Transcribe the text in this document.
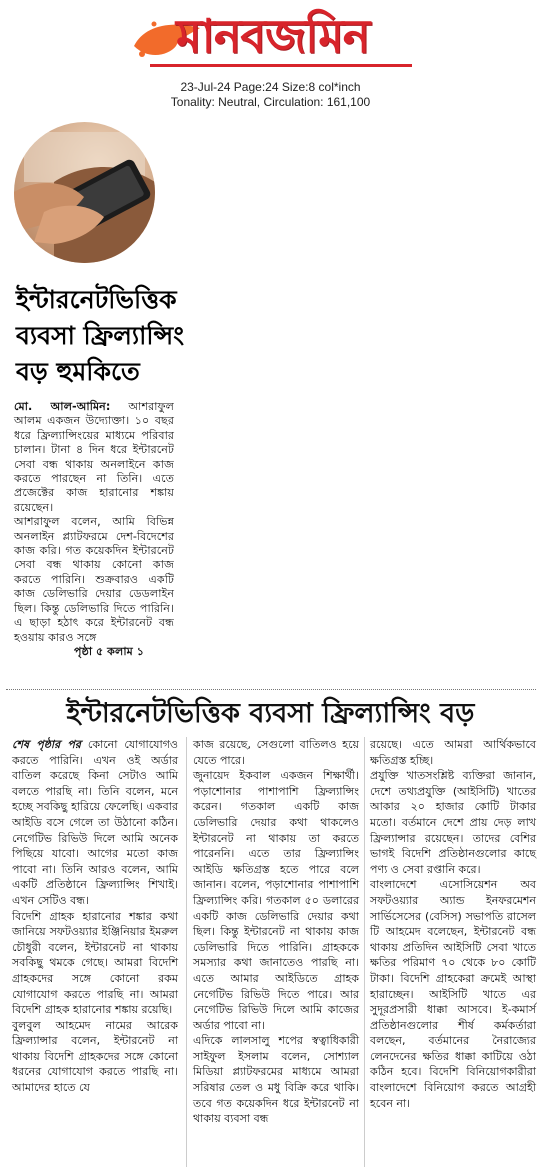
মানবজমিন
23-Jul-24 Page:24 Size:8 col*inch
Tonality: Neutral, Circulation: 161,100
ইন্টারনেটভিত্তিক
ব্যবসা ফ্রিল্যান্সিং
বড় হুমকিতে

মো. আল-আমিন: আশরাফুল আলম একজন উদ্যোক্তা। ১০ বছর ধরে ফ্রিল্যান্সিংয়ের মাধ্যমে পরিবার চালান। টানা ৪ দিন ধরে ইন্টারনেট সেবা বন্ধ থাকায় অনলাইনে কাজ করতে পারছেন না তিনি। এতে প্রজেক্টের কাজ হারানোর শঙ্কায় রয়েছেন।

আশরাফুল বলেন, আমি বিভিন্ন অনলাইন প্ল্যাটফরমে দেশ-বিদেশের কাজ করি। গত কয়েকদিন ইন্টারনেট সেবা বন্ধ থাকায় কোনো কাজ করতে পারিনি। শুক্রবারও একটি কাজ ডেলিভারি দেয়ার ডেডলাইন ছিল। কিন্তু ডেলিভারি দিতে পারিনি। এ ছাড়া হঠাৎ করে ইন্টারনেট বন্ধ হওয়ায় কারও সঙ্গে

পৃষ্ঠা ৫ কলাম ১

ইন্টারনেটভিত্তিক ব্যবসা ফ্রিল্যান্সিং বড়

শেষ পৃষ্ঠার পর কোনো যোগাযোগও করতে পারিনি। এখন ওই অর্ডার বাতিল করেছে কিনা সেটাও আমি বলতে পারছি না। তিনি বলেন, মনে হচ্ছে সবকিছু হারিয়ে ফেলেছি। একবার আইডি বসে গেলে তা উঠানো কঠিন। নেগেটিভ রিভিউ দিলে আমি অনেক পিছিয়ে যাবো। আগের মতো কাজ পাবো না। তিনি আরও বলেন, আমি একটি প্রতিষ্ঠানে ফ্রিল্যান্সিং শিখাই। এখন সেটিও বন্ধ।

বিদেশি গ্রাহক হারানোর শঙ্কার কথা জানিয়ে সফটওয়্যার ইঞ্জিনিয়ার ইমরুল চৌধুরী বলেন, ইন্টারনেট না থাকায় সবকিছু থমকে গেছে। আমরা বিদেশি গ্রাহকদের সঙ্গে কোনো রকম যোগাযোগ করতে পারছি না। আমরা বিদেশি গ্রাহক হারানোর শঙ্কায় রয়েছি।

বুলবুল আহমেদ নামের আরেক ফ্রিল্যান্সার বলেন, ইন্টারনেট না থাকায় বিদেশি গ্রাহকদের সঙ্গে কোনো ধরনের যোগাযোগ করতে পারছি না। আমাদের হাতে যে

কাজ রয়েছে, সেগুলো বাতিলও হয়ে যেতে পারে।

জুনায়েদ ইকবাল একজন শিক্ষার্থী। পড়াশোনার পাশাপাশি ফ্রিল্যান্সিং করেন। গতকাল একটি কাজ ডেলিভারি দেয়ার কথা থাকলেও ইন্টারনেট না থাকায় তা করতে পারেননি। এতে তার ফ্রিল্যান্সিং আইডি ক্ষতিগ্রস্ত হতে পারে বলে জানান। বলেন, পড়াশোনার পাশাপাশি ফ্রিল্যান্সিং করি। গতকাল ৫০ ডলারের একটি কাজ ডেলিভারি দেয়ার কথা ছিল। কিন্তু ইন্টারনেট না থাকায় কাজ ডেলিভারি দিতে পারিনি। গ্রাহককে সমস্যার কথা জানাতেও পারছি না। এতে আমার আইডিতে গ্রাহক নেগেটিভ রিভিউ দিতে পারে। আর নেগেটিভ রিভিউ দিলে আমি কাজের অর্ডার পাবো না।

এদিকে লালসালু শপের স্বত্বাধিকারী সাইফুল ইসলাম বলেন, সোশ্যাল মিডিয়া প্ল্যাটফরমের মাধ্যমে আমরা সরিষার তেল ও মধু বিক্রি করে থাকি। তবে গত কয়েকদিন ধরে ইন্টারনেট না থাকায় ব্যবসা বন্ধ

রয়েছে। এতে আমরা আর্থিকভাবে ক্ষতিগ্রস্ত হচ্ছি।

প্রযুক্তি খাতসংশ্লিষ্ট ব্যক্তিরা জানান, দেশে তথ্যপ্রযুক্তি (আইসিটি) খাতের আকার ২০ হাজার কোটি টাকার মতো। বর্তমানে দেশে প্রায় দেড় লাখ ফ্রিল্যান্সার রয়েছেন। তাদের বেশির ভাগই বিদেশি প্রতিষ্ঠানগুলোর কাছে পণ্য ও সেবা রপ্তানি করে।

বাংলাদেশে এসোসিয়েশন অব সফটওয়্যার অ্যান্ড ইনফরমেশন সার্ভিসেসের (বেসিস) সভাপতি রাসেল টি আহমেদ বলেছেন, ইন্টারনেট বন্ধ থাকায় প্রতিদিন আইসিটি সেবা খাতে ক্ষতির পরিমাণ ৭০ থেকে ৮০ কোটি টাকা। বিদেশি গ্রাহকেরা ক্রমেই আস্থা হারাচ্ছেন। আইসিটি খাতে এর সুদূরপ্রসারী ধাক্কা আসবে। ই-কমার্স প্রতিষ্ঠানগুলোর শীর্ষ কর্মকর্তারা বলছেন, বর্তমানের নৈরাজ্যের লেনদেনের ক্ষতির ধাক্কা কাটিয়ে ওঠা কঠিন হবে। বিদেশি বিনিয়োগকারীরা বাংলাদেশে বিনিয়োগ করতে আগ্রহী হবেন না।
